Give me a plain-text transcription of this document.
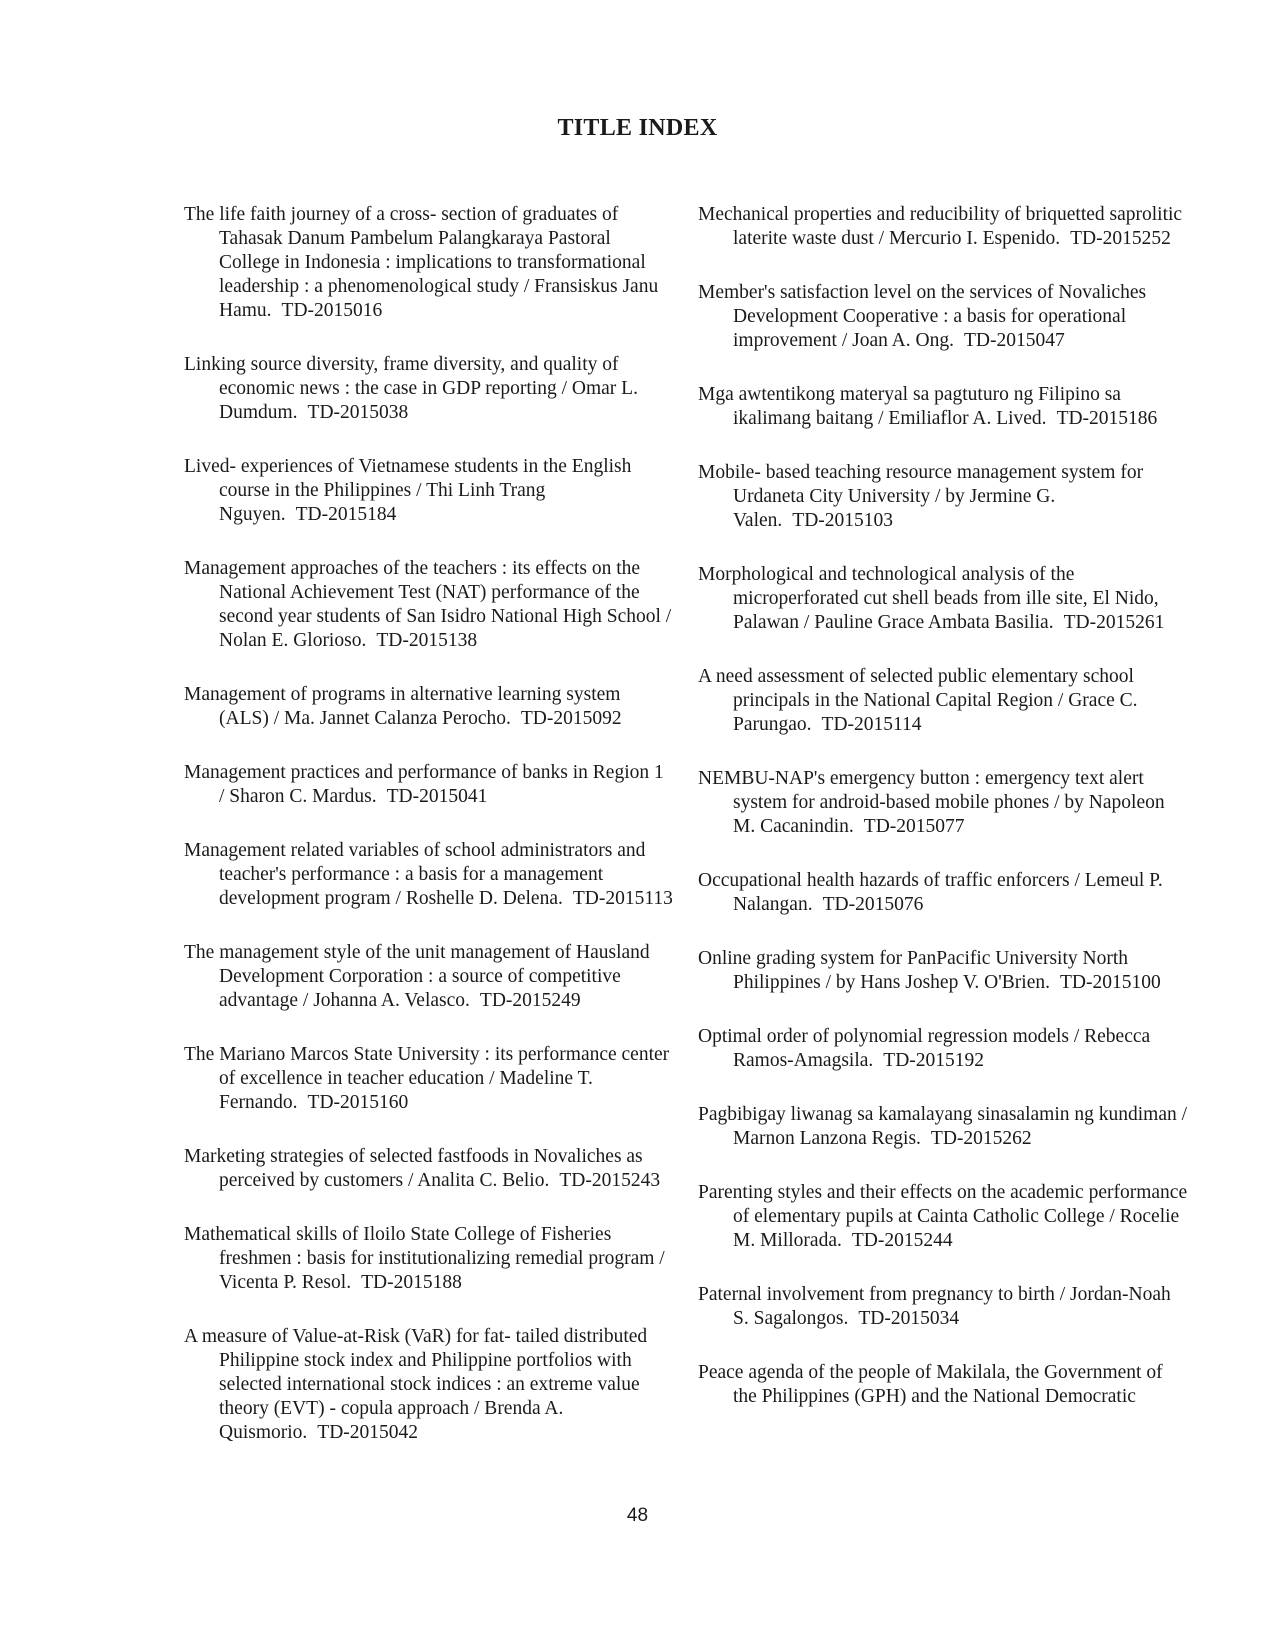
TITLE INDEX
The life faith journey of a cross- section of graduates of Tahasak Danum Pambelum Palangkaraya Pastoral College in Indonesia : implications to transformational leadership : a phenomenological study / Fransiskus Janu Hamu. TD-2015016
Linking source diversity, frame diversity, and quality of economic news : the case in GDP reporting / Omar L. Dumdum. TD-2015038
Lived- experiences of Vietnamese students in the English course in the Philippines / Thi Linh Trang Nguyen. TD-2015184
Management approaches of the teachers : its effects on the National Achievement Test (NAT) performance of the second year students of San Isidro National High School / Nolan E. Glorioso. TD-2015138
Management of programs in alternative learning system (ALS) / Ma. Jannet Calanza Perocho. TD-2015092
Management practices and performance of banks in Region 1 / Sharon C. Mardus. TD-2015041
Management related variables of school administrators and teacher's performance : a basis for a management development program / Roshelle D. Delena. TD-2015113
The management style of the unit management of Hausland Development Corporation : a source of competitive advantage / Johanna A. Velasco. TD-2015249
The Mariano Marcos State University : its performance center of excellence in teacher education / Madeline T. Fernando. TD-2015160
Marketing strategies of selected fastfoods in Novaliches as perceived by customers / Analita C. Belio. TD-2015243
Mathematical skills of Iloilo State College of Fisheries freshmen : basis for institutionalizing remedial program / Vicenta P. Resol. TD-2015188
A measure of Value-at-Risk (VaR) for fat- tailed distributed Philippine stock index and Philippine portfolios with selected international stock indices : an extreme value theory (EVT) - copula approach / Brenda A. Quismorio. TD-2015042
Mechanical properties and reducibility of briquetted saprolitic laterite waste dust / Mercurio I. Espenido. TD-2015252
Member's satisfaction level on the services of Novaliches Development Cooperative : a basis for operational improvement / Joan A. Ong. TD-2015047
Mga awtentikong materyal sa pagtuturo ng Filipino sa ikalimang baitang / Emiliaflor A. Lived. TD-2015186
Mobile- based teaching resource management system for Urdaneta City University / by Jermine G. Valen. TD-2015103
Morphological and technological analysis of the microperforated cut shell beads from ille site, El Nido, Palawan / Pauline Grace Ambata Basilia. TD-2015261
A need assessment of selected public elementary school principals in the National Capital Region / Grace C. Parungao. TD-2015114
NEMBU-NAP's emergency button : emergency text alert system for android-based mobile phones / by Napoleon M. Cacanindin. TD-2015077
Occupational health hazards of traffic enforcers / Lemeul P. Nalangan. TD-2015076
Online grading system for PanPacific University North Philippines / by Hans Joshep V. O'Brien. TD-2015100
Optimal order of polynomial regression models / Rebecca Ramos-Amagsila. TD-2015192
Pagbibigay liwanag sa kamalayang sinasalamin ng kundiman / Marnon Lanzona Regis. TD-2015262
Parenting styles and their effects on the academic performance of elementary pupils at Cainta Catholic College / Rocelie M. Millorada. TD-2015244
Paternal involvement from pregnancy to birth / Jordan-Noah S. Sagalongos. TD-2015034
Peace agenda of the people of Makilala, the Government of the Philippines (GPH) and the National Democratic
48
